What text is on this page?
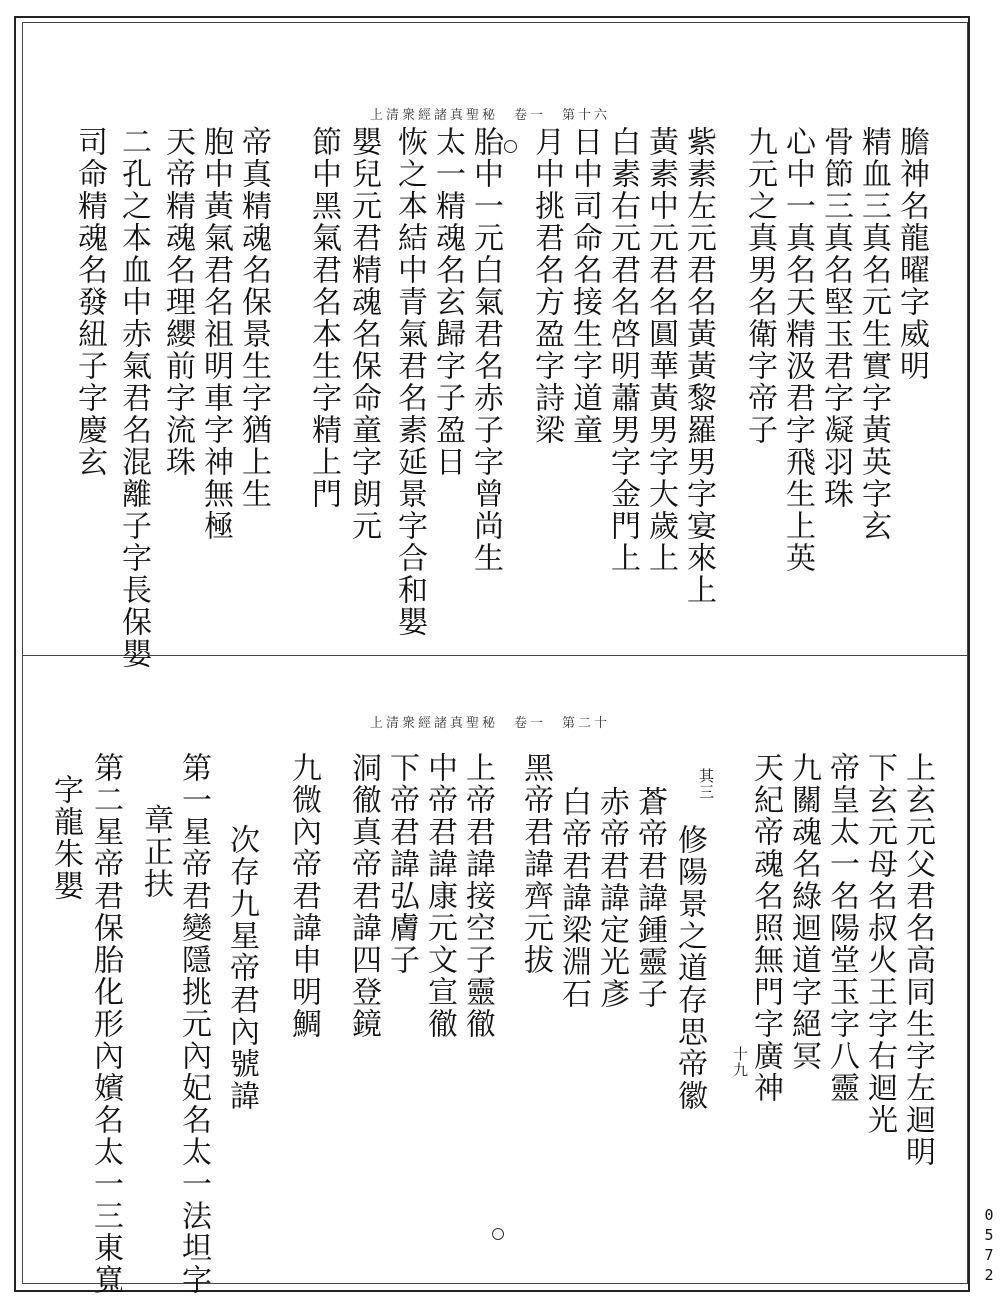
上清衆經諸真聖秘　卷一　第十六
膽神名龍曜字威明
精血三真名元生實字黃英字玄
骨節三真名堅玉君字凝羽珠
心中一真名天精汲君字飛生上英
九元之真男名衛字帝子
紫素左元君名黃黃黎羅男字宴來上
黃素中元君名圓華黃男字大歲上
白素右元君名啓明蕭男字金門上
日中司命名接生字道童
月中挑君名方盈字詩梁
胎中一元白氣君名赤子字曾尚生
太一精魂名玄歸字子盈日
恢之本結中青氣君名素延景字合和嬰
嬰兒元君精魂名保命童字朗元
節中黑氣君名本生字精上門
帝真精魂名保景生字猶上生
胞中黃氣君名祖明車字神無極
天帝精魂名理纓前字流珠
二孔之本血中赤氣君名混離子字長保嬰
司命精魂名發紐子字慶玄
上清衆經諸真聖秘　卷一　第二十
上玄元父君名高同生字左迴明
下玄元母名叔火王字右迴光
帝皇太一名陽堂玉字八靈
九關魂名綠迴道字絕冥
天紀帝魂名照無門字廣神
十九
其三
修陽景之道存思帝徽
蒼帝君諱鍾靈子
赤帝君諱定光彥
白帝君諱梁淵石
黑帝君諱齊元拔
上帝君諱接空子靈徹
中帝君諱康元文宣徹
下帝君諱弘膚子
洞徹真帝君諱四登鏡
九微內帝君諱申明鯛
次存九星帝君內號諱
第一星帝君變隱挑元內妃名太一法坦字
章正扶
第二星帝君保胎化形內嬪名太一三東寬
字龍朱嬰
0572
